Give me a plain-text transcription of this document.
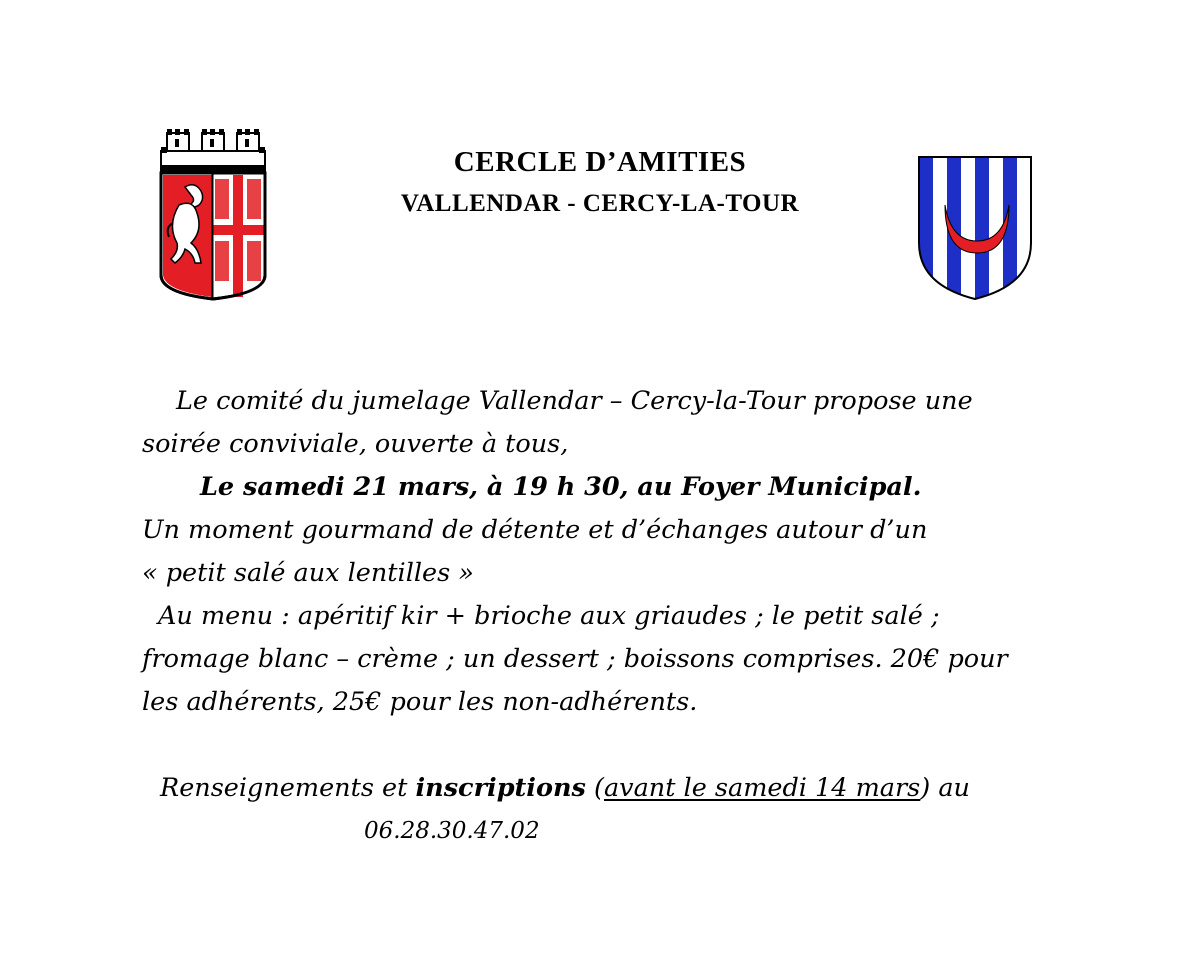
CERCLE D’AMITIES
VALLENDAR - CERCY-LA-TOUR
Le comité du jumelage Vallendar – Cercy-la-Tour propose une
soirée conviviale, ouverte à tous,
Le samedi 21 mars, à 19 h 30, au Foyer Municipal.
Un moment gourmand de détente et d’échanges autour d’un
« petit salé aux lentilles »
Au menu : apéritif kir + brioche aux griaudes ; le petit salé ;
fromage blanc – crème ; un dessert ; boissons comprises. 20€ pour
les adhérents, 25€ pour les non-adhérents.
Renseignements et inscriptions (avant le samedi 14 mars) au
06.28.30.47.02
